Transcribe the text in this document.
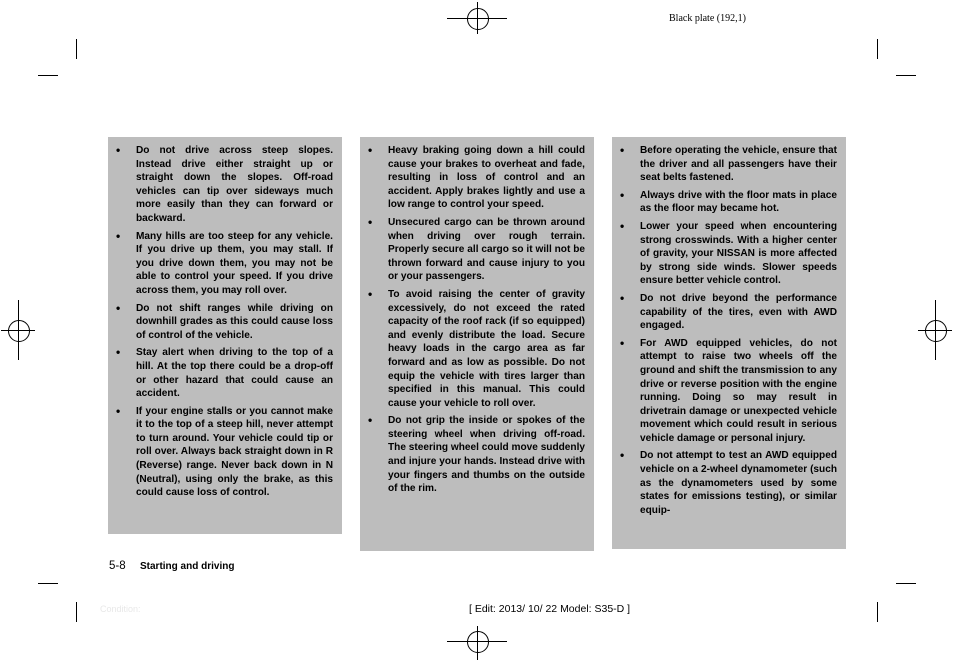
Black plate (192,1)
• Do not drive across steep slopes. Instead drive either straight up or straight down the slopes. Off-road vehicles can tip over sideways much more easily than they can forward or backward.
• Many hills are too steep for any vehicle. If you drive up them, you may stall. If you drive down them, you may not be able to control your speed. If you drive across them, you may roll over.
• Do not shift ranges while driving on downhill grades as this could cause loss of control of the vehicle.
• Stay alert when driving to the top of a hill. At the top there could be a drop-off or other hazard that could cause an accident.
• If your engine stalls or you cannot make it to the top of a steep hill, never attempt to turn around. Your vehicle could tip or roll over. Always back straight down in R (Reverse) range. Never back down in N (Neutral), using only the brake, as this could cause loss of control.
• Heavy braking going down a hill could cause your brakes to overheat and fade, resulting in loss of control and an accident. Apply brakes lightly and use a low range to control your speed.
• Unsecured cargo can be thrown around when driving over rough terrain. Properly secure all cargo so it will not be thrown forward and cause injury to you or your passengers.
• To avoid raising the center of gravity excessively, do not exceed the rated capacity of the roof rack (if so equipped) and evenly distribute the load. Secure heavy loads in the cargo area as far forward and as low as possible. Do not equip the vehicle with tires larger than specified in this manual. This could cause your vehicle to roll over.
• Do not grip the inside or spokes of the steering wheel when driving off-road. The steering wheel could move suddenly and injure your hands. Instead drive with your fingers and thumbs on the outside of the rim.
• Before operating the vehicle, ensure that the driver and all passengers have their seat belts fastened.
• Always drive with the floor mats in place as the floor may became hot.
• Lower your speed when encountering strong crosswinds. With a higher center of gravity, your NISSAN is more affected by strong side winds. Slower speeds ensure better vehicle control.
• Do not drive beyond the performance capability of the tires, even with AWD engaged.
• For AWD equipped vehicles, do not attempt to raise two wheels off the ground and shift the transmission to any drive or reverse position with the engine running. Doing so may result in drivetrain damage or unexpected vehicle movement which could result in serious vehicle damage or personal injury.
• Do not attempt to test an AWD equipped vehicle on a 2-wheel dynamometer (such as the dynamometers used by some states for emissions testing), or similar equip-
5-8 Starting and driving
Condition:	[ Edit: 2013/ 10/ 22 Model: S35-D ]
